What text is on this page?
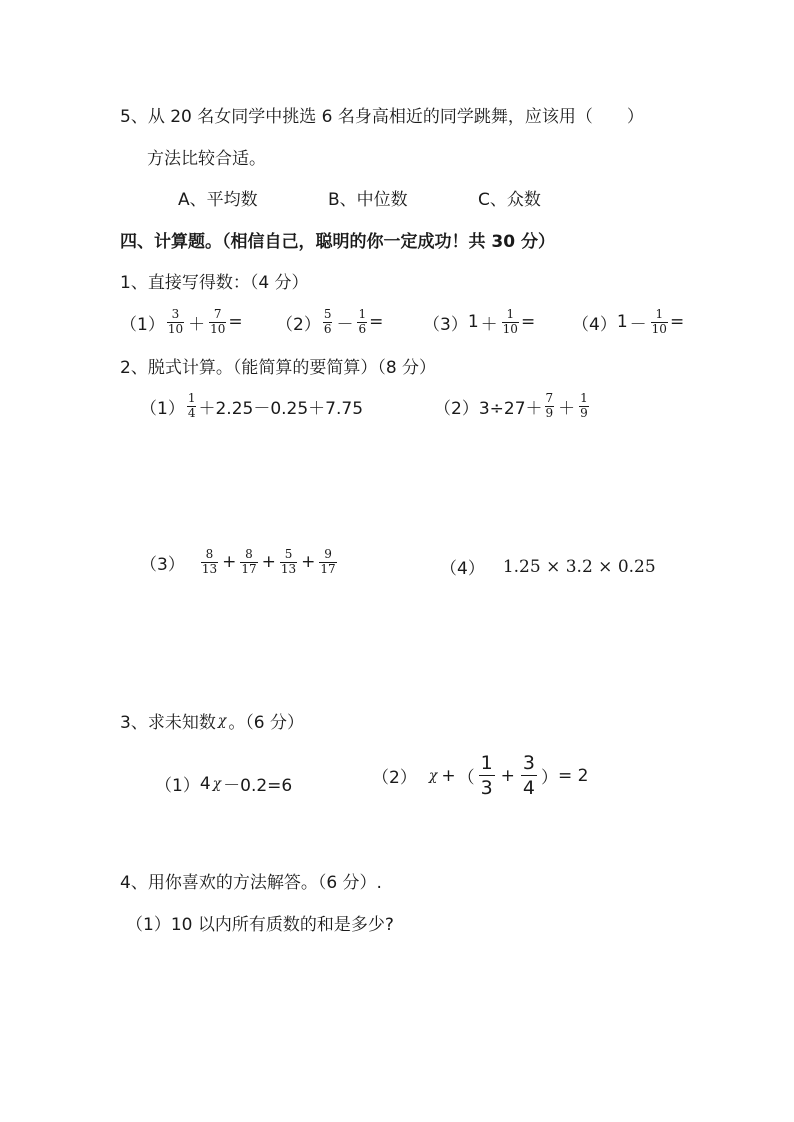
5、从 20 名女同学中挑选 6 名身高相近的同学跳舞，应该用（　　）
方法比较合适。
A、平均数	B、中位数	C、众数
四、计算题。（相信自己，聪明的你一定成功！共 30 分）
1、直接写得数：（4 分）
$(1) \frac{3}{10} + \frac{7}{10} = (2) \frac{5}{6} - \frac{1}{6} = (3) 1 + \frac{1}{10} = (4) 1 - \frac{1}{10}$ =
2、脱式计算。（能简算的要简算）（8 分）
$(1) \frac{1}{4} +2.25-0.25+7.75$	（2） $3\div 27+ \frac{7}{9} + \frac{1}{9}$
$(3) \frac{8}{13} + \frac{8}{17} + \frac{5}{13} + \frac{9}{17}$	（4） 1.25 × 3.2 × 0.25
3、求未知数 χ 。（6 分）
（1） 4 χ －0.2=6	（2） χ + （ $\frac{1}{3} + \frac{3}{4}$ ） = 2
4、用你喜欢的方法解答。（6 分）.
（1）10 以内所有质数的和是多少?
